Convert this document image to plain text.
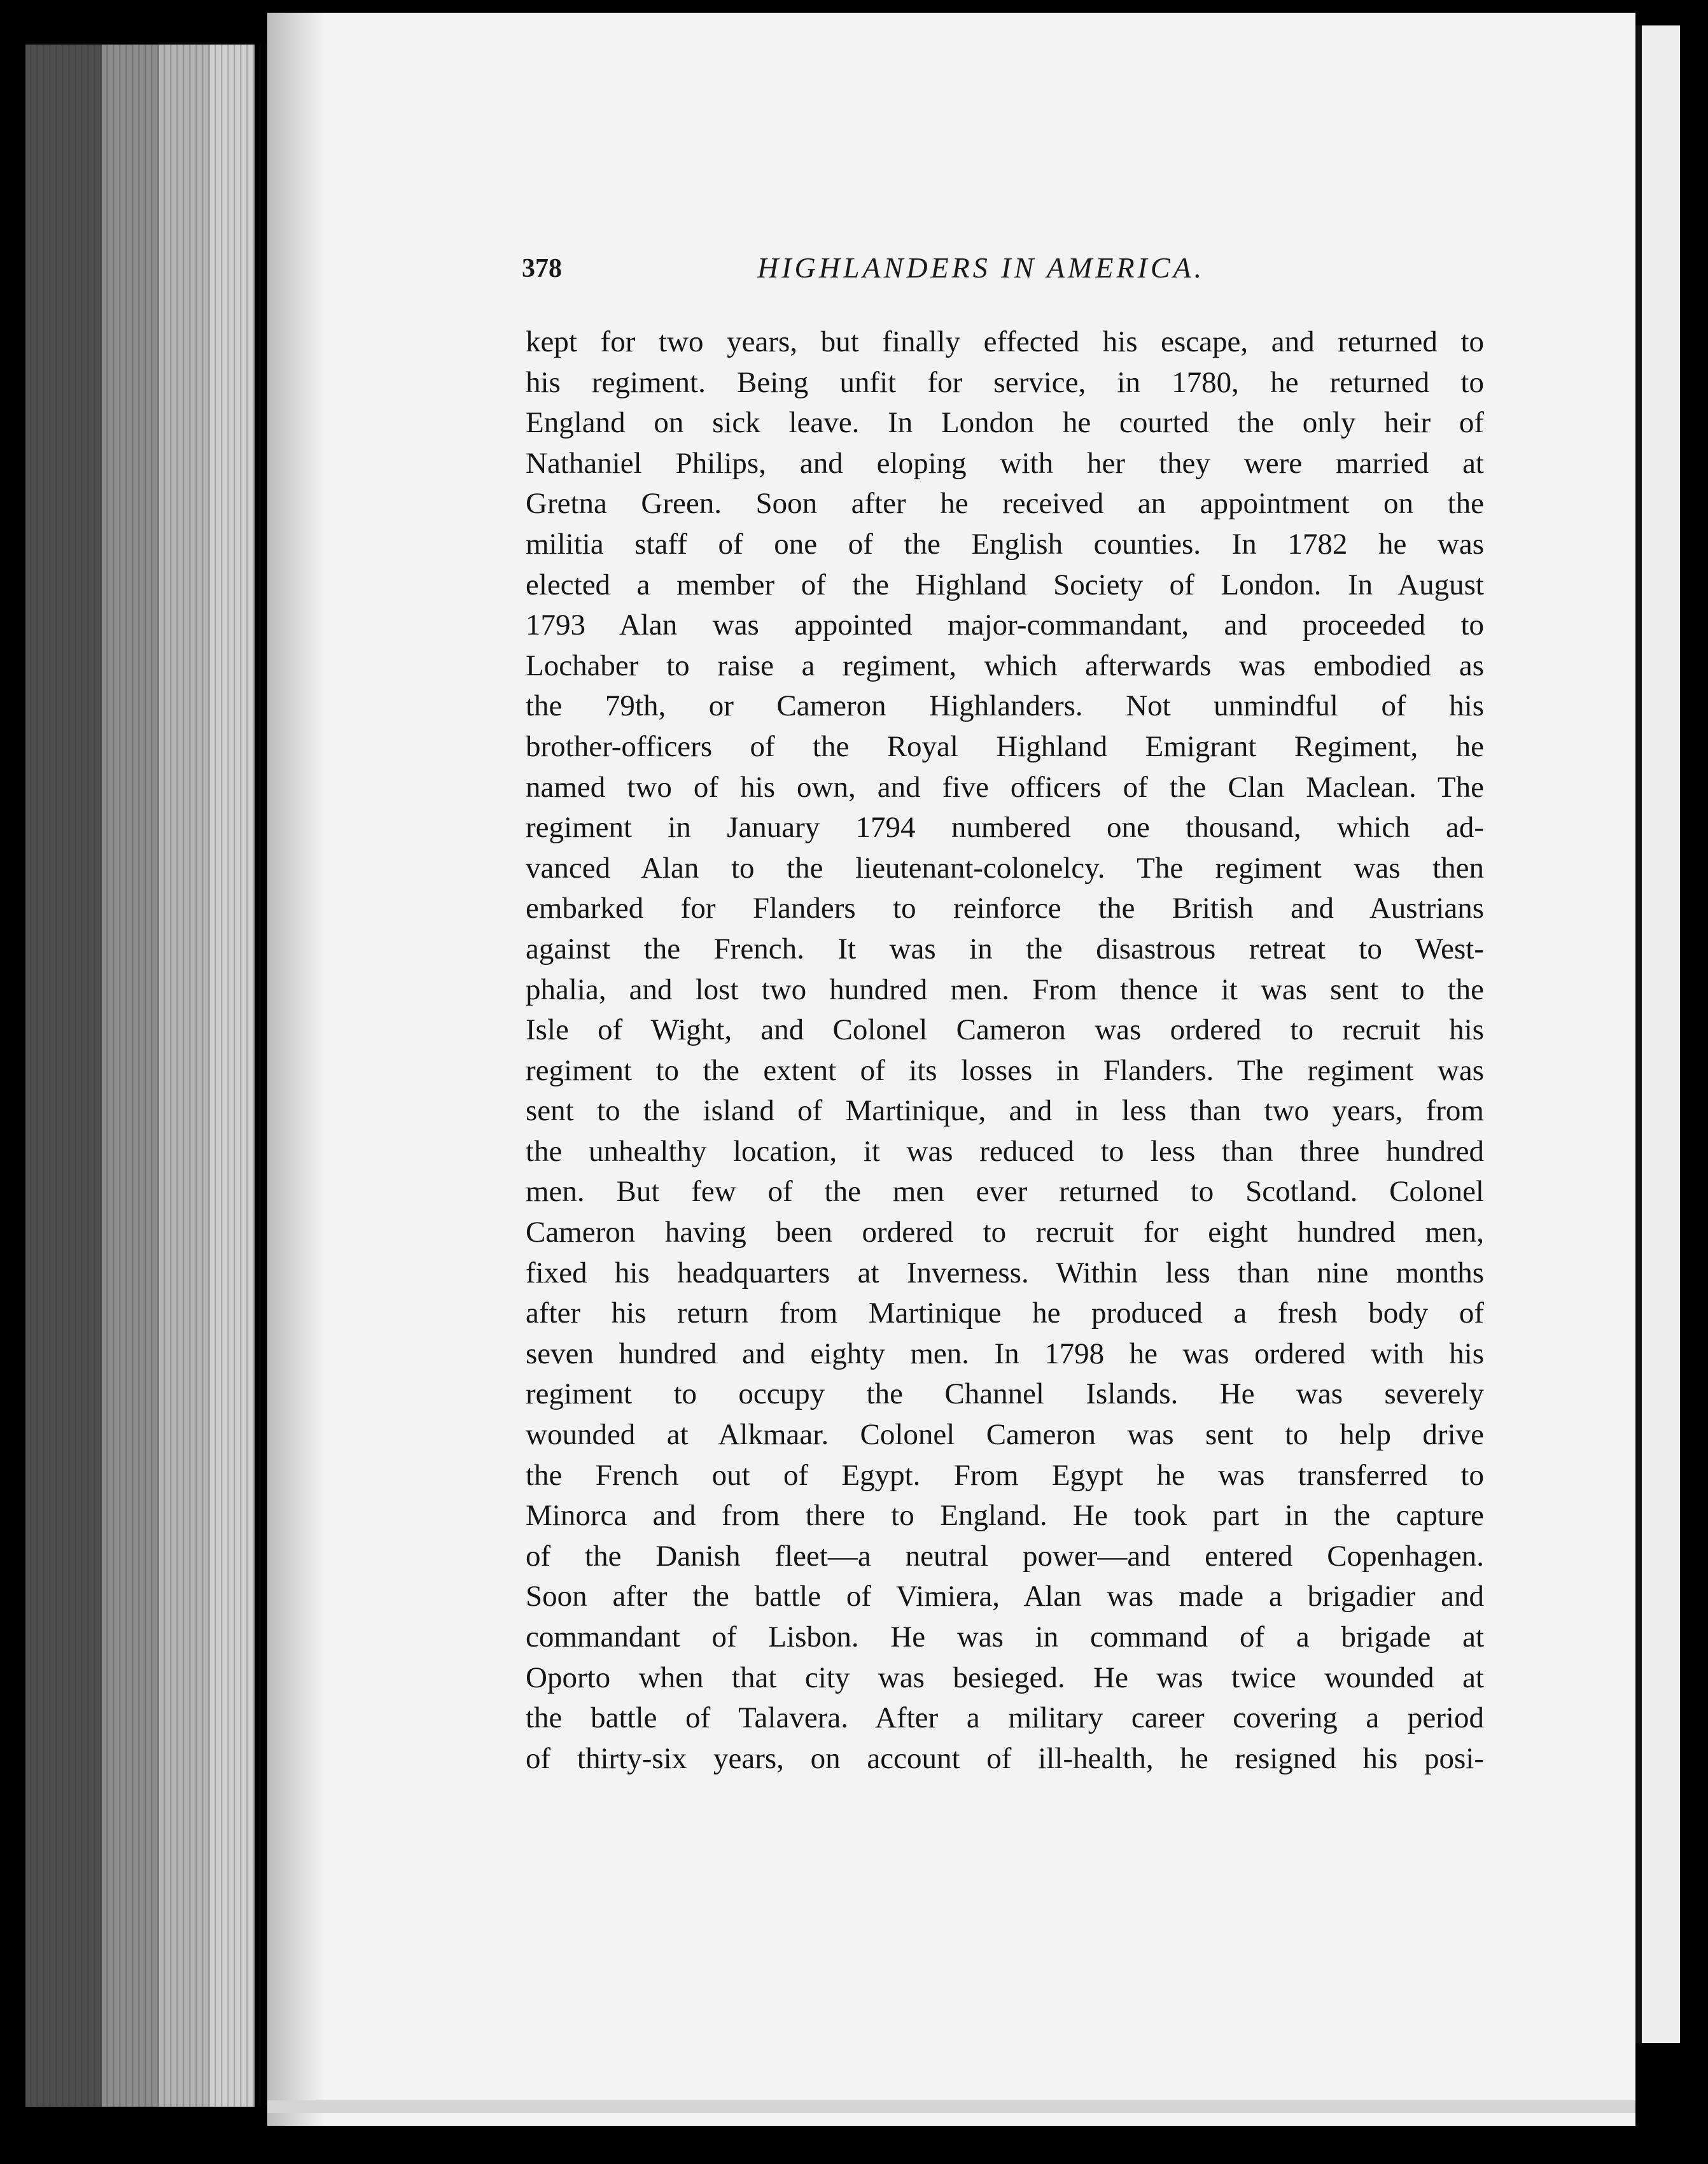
378	HIGHLANDERS IN AMERICA.
kept for two years, but finally effected his escape, and returned to
his regiment. Being unfit for service, in 1780, he returned to
England on sick leave. In London he courted the only heir of
Nathaniel Philips, and eloping with her they were married at
Gretna Green. Soon after he received an appointment on the
militia staff of one of the English counties. In 1782 he was
elected a member of the Highland Society of London. In August
1793 Alan was appointed major-commandant, and proceeded to
Lochaber to raise a regiment, which afterwards was embodied as
the 79th, or Cameron Highlanders. Not unmindful of his
brother-officers of the Royal Highland Emigrant Regiment, he
named two of his own, and five officers of the Clan Maclean. The
regiment in January 1794 numbered one thousand, which ad-
vanced Alan to the lieutenant-colonelcy. The regiment was then
embarked for Flanders to reinforce the British and Austrians
against the French. It was in the disastrous retreat to West-
phalia, and lost two hundred men. From thence it was sent to the
Isle of Wight, and Colonel Cameron was ordered to recruit his
regiment to the extent of its losses in Flanders. The regiment was
sent to the island of Martinique, and in less than two years, from
the unhealthy location, it was reduced to less than three hundred
men. But few of the men ever returned to Scotland. Colonel
Cameron having been ordered to recruit for eight hundred men,
fixed his headquarters at Inverness. Within less than nine months
after his return from Martinique he produced a fresh body of
seven hundred and eighty men. In 1798 he was ordered with his
regiment to occupy the Channel Islands. He was severely
wounded at Alkmaar. Colonel Cameron was sent to help drive
the French out of Egypt. From Egypt he was transferred to
Minorca and from there to England. He took part in the capture
of the Danish fleet—a neutral power—and entered Copenhagen.
Soon after the battle of Vimiera, Alan was made a brigadier and
commandant of Lisbon. He was in command of a brigade at
Oporto when that city was besieged. He was twice wounded at
the battle of Talavera. After a military career covering a period
of thirty-six years, on account of ill-health, he resigned his posi-
